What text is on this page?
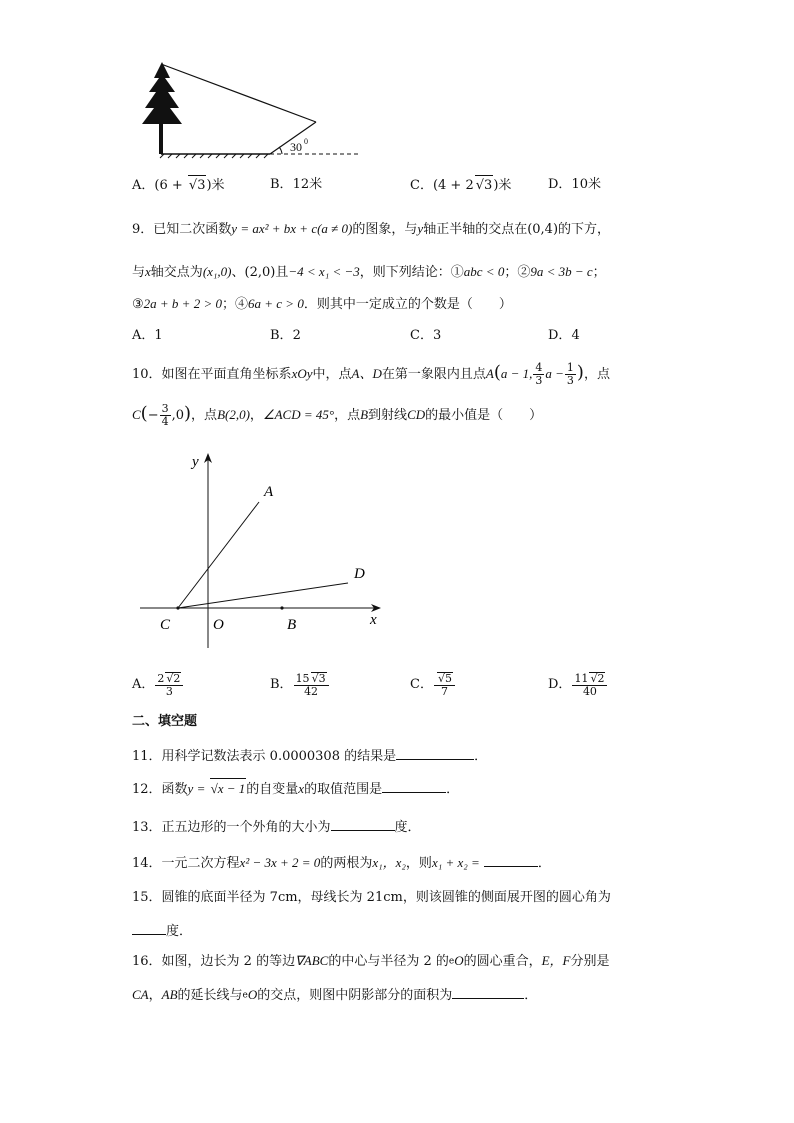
30 0
A．(6 + √3)米	B．12米	C．(4 + 2 √3)米	D．10米
9．已知二次函数y = ax² + bx + c(a ≠ 0)的图象，与y轴正半轴的交点在(0,4)的下方，
与x轴交点为(x₁,0)、(2,0)且−4 < x₁ < −3，则下列结论：①abc < 0；②9a < 3b − c；
③2a + b + 2 > 0；④6a + c > 0．则其中一定成立的个数是（　　）
A．1	B．2	C．3	D．4
10．如图在平面直角坐标系xOy中，点A、D在第一象限内且点A(a − 1, $\frac{4}{3}$ $a - \frac{1}{3}$ )，点
$C(- \frac{3}{4} ,0)$，点B(2,0)，∠ACD = 45°，点B到射线CD的最小值是（　　）
y
x
A
D
C	O	B
A． $\frac{2 √2}{3}$	B． $\frac{15 √3}{42}$	C． $\frac{√5}{7}$	D． $\frac{11 √2}{40}$
二、填空题
11．用科学记数法表示 0.0000308 的结果是	．
12．函数y = √x − 1的自变量x的取值范围是	．
13．正五边形的一个外角的大小为	度．
14．一元二次方程x² − 3x + 2 = 0的两根为x₁，x₂，则x₁ + x₂ =	．
15．圆锥的底面半径为 7cm，母线长为 21cm，则该圆锥的侧面展开图的圆心角为
度．
16．如图，边长为 2 的等边∇ABC的中心与半径为 2 的eO的圆心重合，E，F分别是
CA，AB的延长线与eO的交点，则图中阴影部分的面积为	．
